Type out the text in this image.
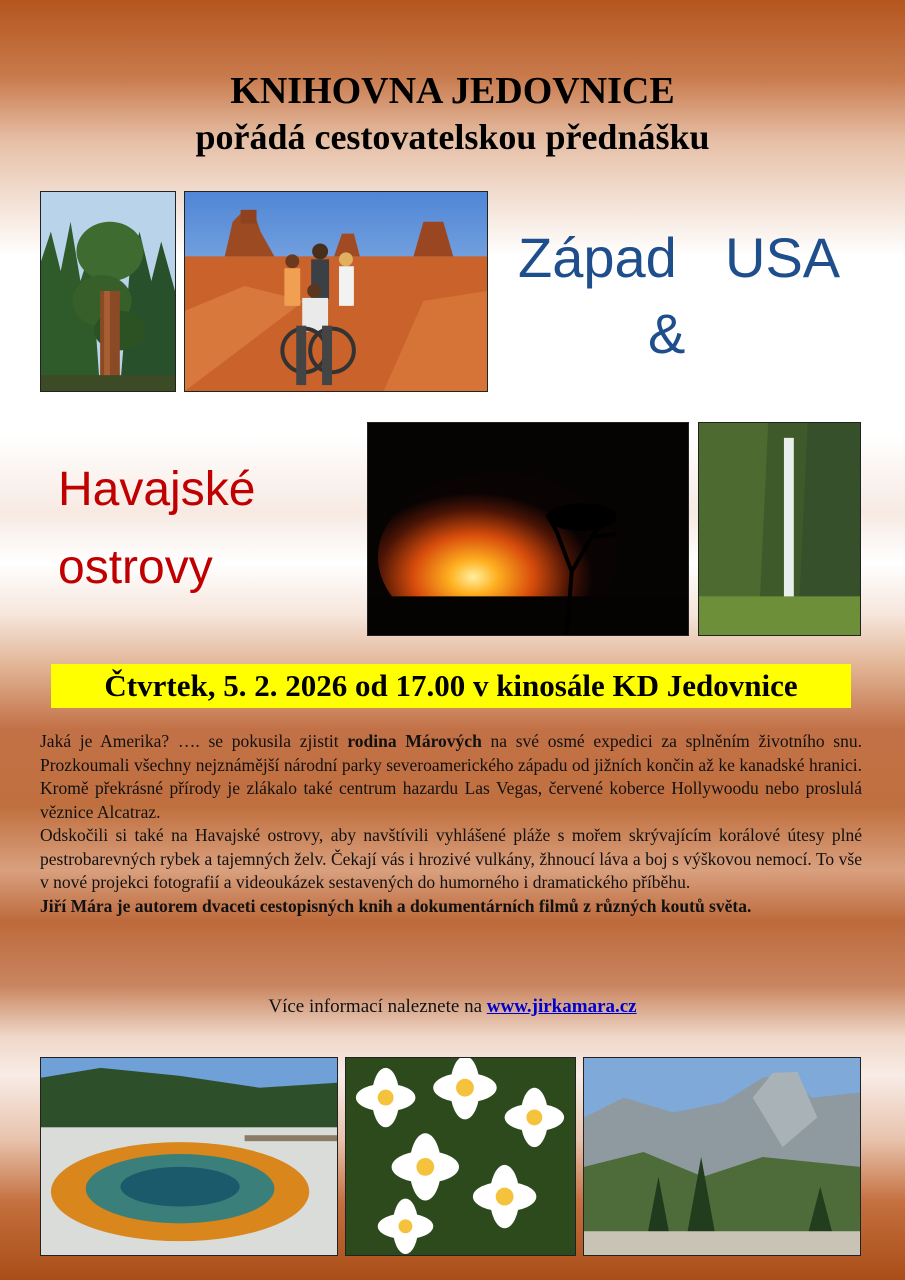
KNIHOVNA JEDOVNICE
pořádá cestovatelskou přednášku
Západ USA
&
Havajské
ostrovy
Čtvrtek, 5. 2. 2026 od 17.00 v kinosále KD Jedovnice

Jaká je Amerika? …. se pokusila zjistit rodina Márových na své osmé expedici za splněním životního snu. Prozkoumali všechny nejznámější národní parky severoamerického západu od jižních končin až ke kanadské hranici. Kromě překrásné přírody je zlákalo také centrum hazardu Las Vegas, červené koberce Hollywoodu nebo proslulá věznice Alcatraz.

Odskočili si také na Havajské ostrovy, aby navštívili vyhlášené pláže s mořem skrývajícím korálové útesy plné pestrobarevných rybek a tajemných želv. Čekají vás i hrozivé vulkány, žhnoucí láva a boj s výškovou nemocí. To vše v nové projekci fotografií a videoukázek sestavených do humorného i dramatického příběhu.

Jiří Mára je autorem dvaceti cestopisných knih a dokumentárních filmů z různých koutů světa.

Více informací naleznete na www.jirkamara.cz
